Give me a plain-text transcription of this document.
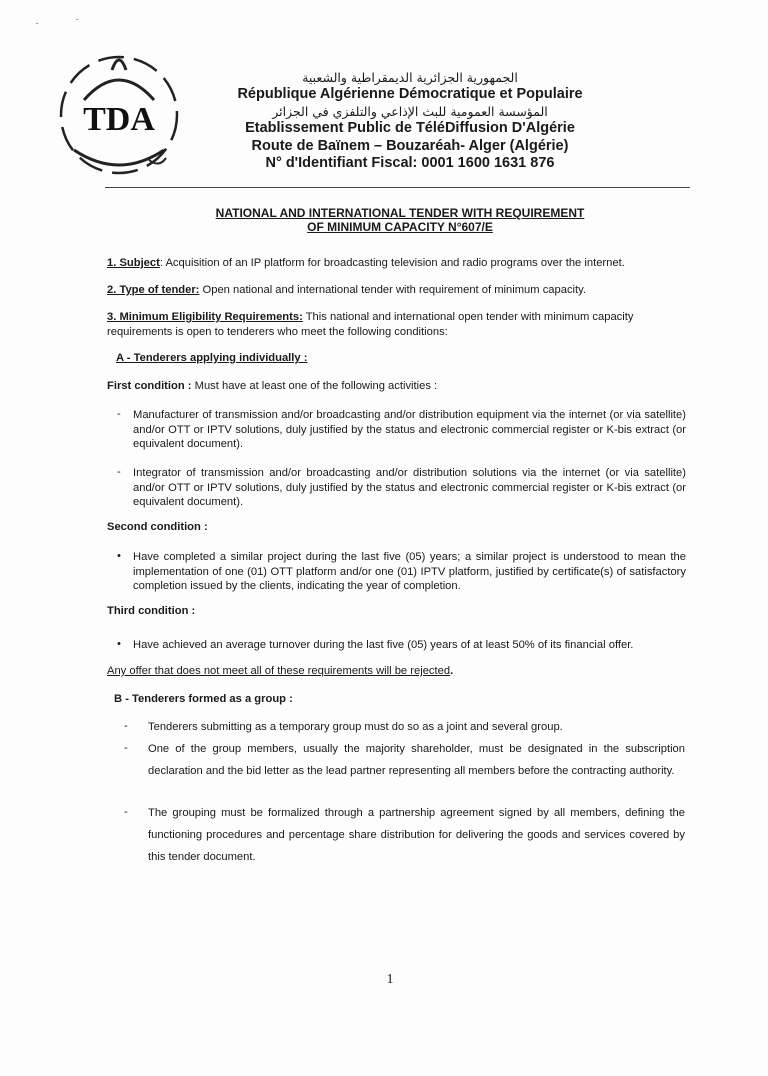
˘	ˇ
TDA
الجمهورية الجزائرية الديمقراطية والشعبية
République Algérienne Démocratique et Populaire
المؤسسة العمومية للبث الإذاعي والتلفزي في الجزائر
Etablissement Public de TéléDiffusion D'Algérie
Route de Baïnem – Bouzaréah- Alger (Algérie)
N° d'Identifiant Fiscal: 0001 1600 1631 876
NATIONAL AND INTERNATIONAL TENDER WITH REQUIREMENT
OF MINIMUM CAPACITY N°607/E
1. Subject: Acquisition of an IP platform for broadcasting television and radio programs over the internet.
2. Type of tender: Open national and international tender with requirement of minimum capacity.
3. Minimum Eligibility Requirements: This national and international open tender with minimum capacity requirements is open to tenderers who meet the following conditions:
A - Tenderers applying individually :
First condition : Must have at least one of the following activities :
- Manufacturer of transmission and/or broadcasting and/or distribution equipment via the internet (or via satellite) and/or OTT or IPTV solutions, duly justified by the status and electronic commercial register or K-bis extract (or equivalent document).
- Integrator of transmission and/or broadcasting and/or distribution solutions via the internet (or via satellite) and/or OTT or IPTV solutions, duly justified by the status and electronic commercial register or K-bis extract (or equivalent document).
Second condition :
• Have completed a similar project during the last five (05) years; a similar project is understood to mean the implementation of one (01) OTT platform and/or one (01) IPTV platform, justified by certificate(s) of satisfactory completion issued by the clients, indicating the year of completion.
Third condition :
• Have achieved an average turnover during the last five (05) years of at least 50% of its financial offer.
Any offer that does not meet all of these requirements will be rejected.
B - Tenderers formed as a group :
- Tenderers submitting as a temporary group must do so as a joint and several group.
- One of the group members, usually the majority shareholder, must be designated in the subscription declaration and the bid letter as the lead partner representing all members before the contracting authority.
- The grouping must be formalized through a partnership agreement signed by all members, defining the functioning procedures and percentage share distribution for delivering the goods and services covered by this tender document.
1
